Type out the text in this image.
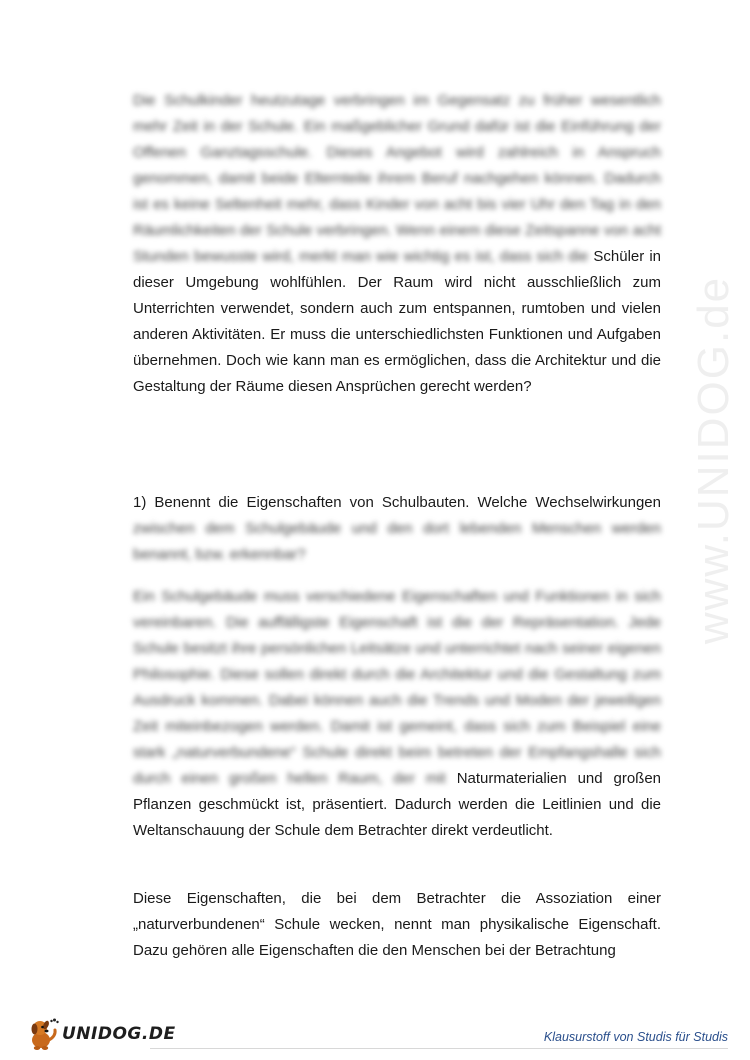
Die Schulkinder heutzutage verbringen im Gegensatz zu früher wesentlich mehr Zeit in der Schule. Ein maßgeblicher Grund dafür ist die Einführung der Offenen Ganztagsschule. Dieses Angebot wird zahlreich in Anspruch genommen, damit beide Elternteile ihrem Beruf nachgehen können. Dadurch ist es keine Seltenheit mehr, dass Kinder von acht bis vier Uhr den Tag in den Räumlichkeiten der Schule verbringen. Wenn einem diese Zeitspanne von acht Stunden bewusste wird, merkt man wie wichtig es ist, dass sich die Schüler in dieser Umgebung wohlfühlen. Der Raum wird nicht ausschließlich zum Unterrichten verwendet, sondern auch zum entspannen, rumtoben und vielen anderen Aktivitäten. Er muss die unterschiedlichsten Funktionen und Aufgaben übernehmen. Doch wie kann man es ermöglichen, dass die Architektur und die Gestaltung der Räume diesen Ansprüchen gerecht werden?

1) Benennt die Eigenschaften von Schulbauten. Welche Wechselwirkungen zwischen dem Schulgebäude und den dort lebenden Menschen werden benannt, bzw. erkennbar?

Ein Schulgebäude muss verschiedene Eigenschaften und Funktionen in sich vereinbaren. Die auffälligste Eigenschaft ist die der Repräsentation. Jede Schule besitzt ihre persönlichen Leitsätze und unterrichtet nach seiner eigenen Philosophie. Diese sollen direkt durch die Architektur und die Gestaltung zum Ausdruck kommen. Dabei können auch die Trends und Moden der jeweiligen Zeit miteinbezogen werden. Damit ist gemeint, dass sich zum Beispiel eine stark „naturverbundene“ Schule direkt beim betreten der Empfangshalle sich durch einen großen hellen Raum, der mit Naturmaterialien und großen Pflanzen geschmückt ist, präsentiert. Dadurch werden die Leitlinien und die Weltanschauung der Schule dem Betrachter direkt verdeutlicht.

Diese Eigenschaften, die bei dem Betrachter die Assoziation einer „naturverbundenen“ Schule wecken, nennt man physikalische Eigenschaft. Dazu gehören alle Eigenschaften die den Menschen bei der Betrachtung

www.UNIDOG.de
UNIDOG.DE	Klausurstoff von Studis für Studis
